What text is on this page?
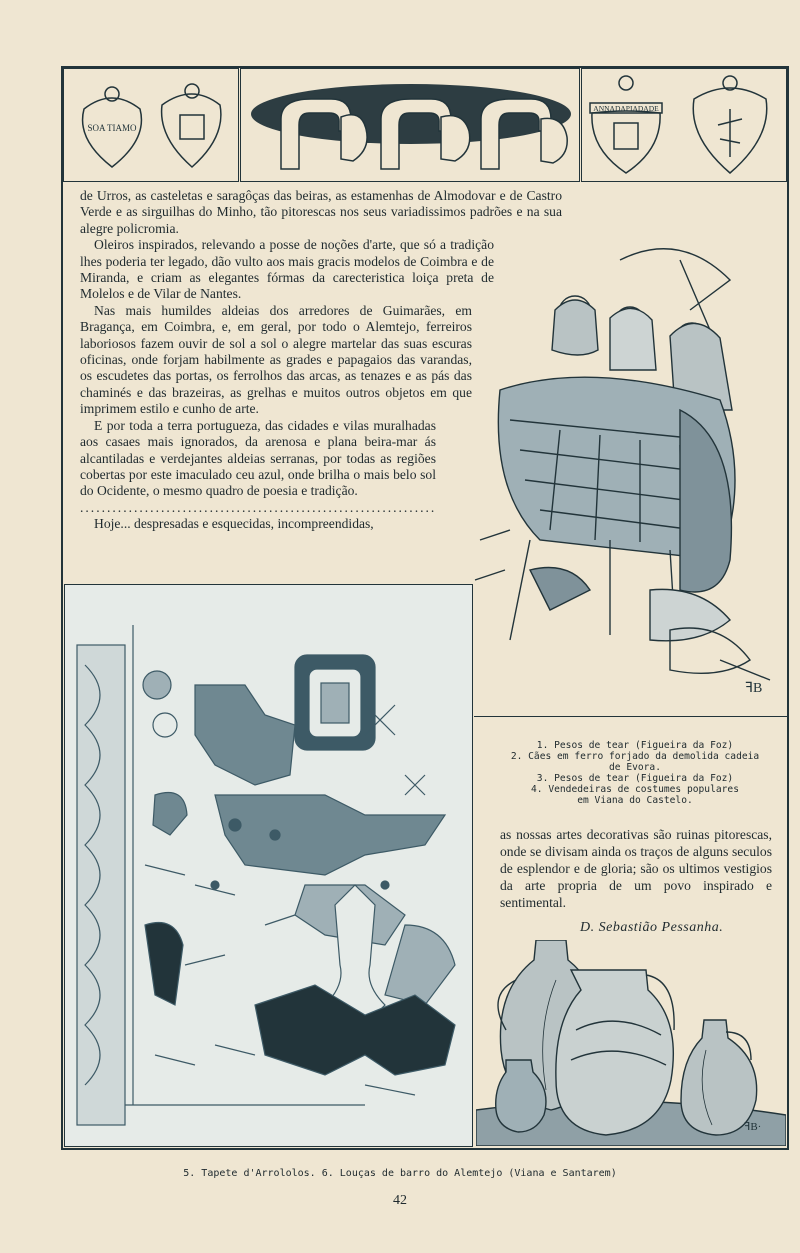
SOA TIAMO
ANNADAPIADADE

de Urros, as casteletas e saragôças das beiras, as estamenhas de Almodovar e de Castro Verde e as sirguilhas do Minho, tão pitorescas nos seus variadissimos padrões e na sua alegre policromia.

Oleiros inspirados, relevando a posse de noções d'arte, que só a tradição lhes poderia ter legado, dão vulto aos mais gracis modelos de Coimbra e de Miranda, e criam as elegantes fórmas da carecteristica loiça preta de Molelos e de Vilar de Nantes.

Nas mais humildes aldeias dos arredores de Guimarães, em Bragança, em Coimbra, e, em geral, por todo o Alemtejo, ferreiros laboriosos fazem ouvir de sol a sol o alegre martelar das suas escuras oficinas, onde forjam habilmente as grades e papagaios das varandas, os escudetes das portas, os ferrolhos das arcas, as tenazes e as pás das chaminés e das brazeiras, as grelhas e muitos outros objetos em que imprimem estilo e cunho de arte.

E por toda a terra portugueza, das cidades e vilas muralhadas aos casaes mais ignorados, da arenosa e plana beira-mar ás alcantiladas e verdejantes aldeias serranas, por todas as regiões cobertas por este imaculado ceu azul, onde brilha o mais belo sol do Ocidente, o mesmo quadro de poesia e tradição.

..................................................................

Hoje... despresadas e esquecidas, incompreendidas,

ꟻB
1. Pesos de tear (Figueira da Foz)
2. Cães em ferro forjado da demolida cadeia
de Evora.
3. Pesos de tear (Figueira da Foz)
4. Vendedeiras de costumes populares
em Viana do Castelo.
as nossas artes decorativas são ruinas pitorescas, onde se divisam ainda os traços de alguns seculos de esplendor e de gloria; são os ultimos vestigios da arte propria de um povo inspirado e sentimental.
D. Sebastião Pessanha.
ꟻB·
5. Tapete d'Arrololos. 6. Louças de barro do Alemtejo (Viana e Santarem)
42
